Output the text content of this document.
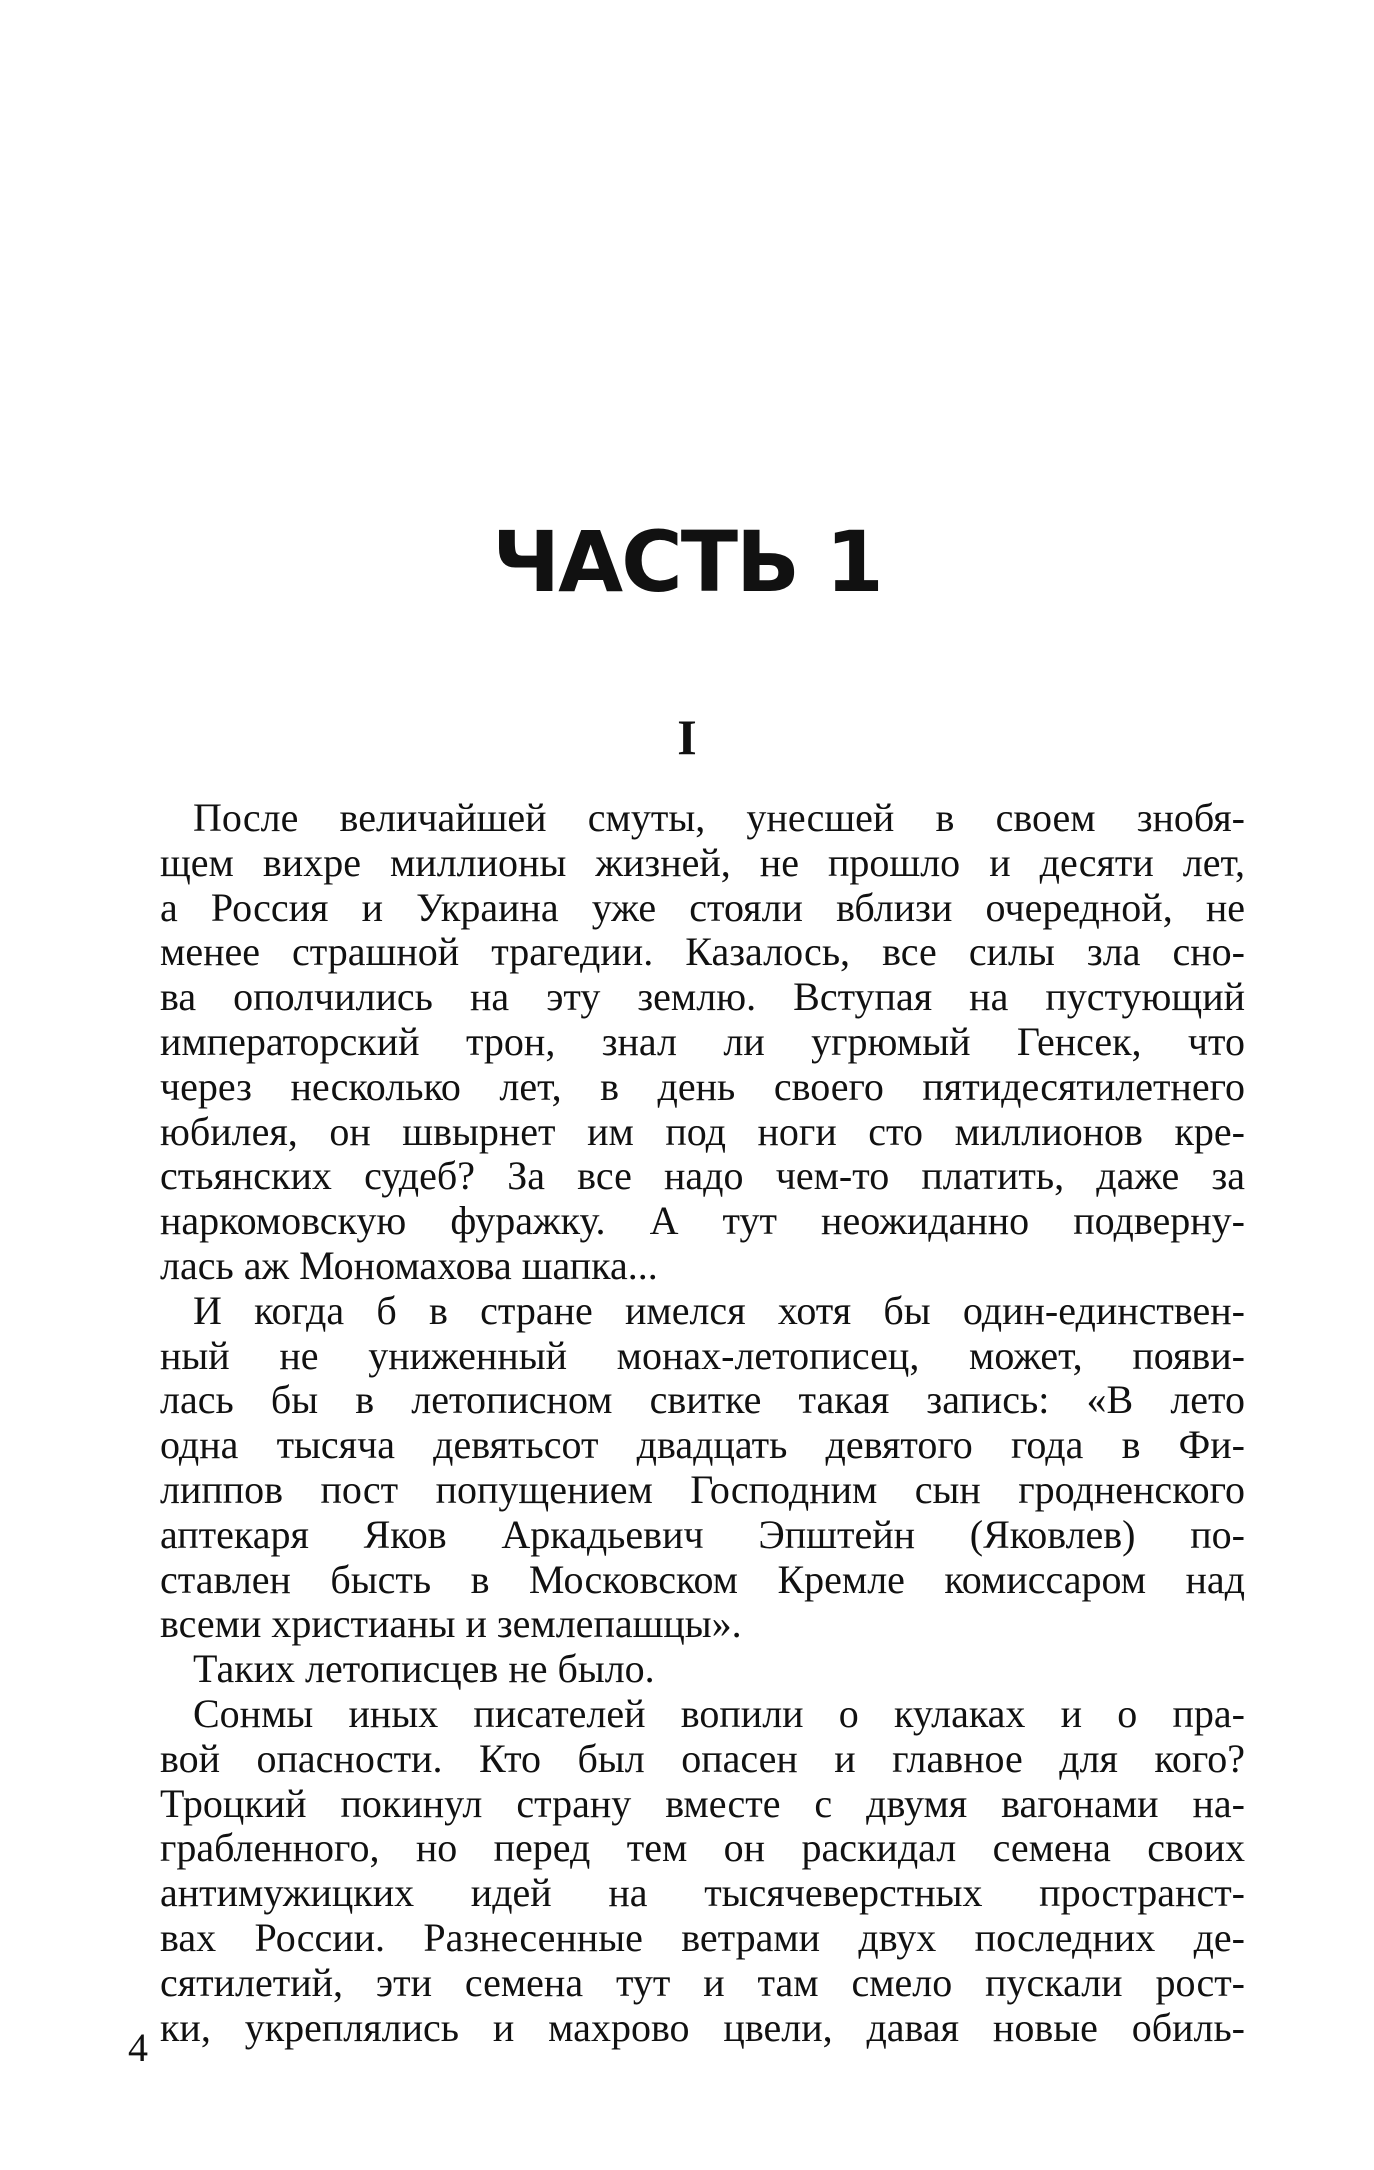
ЧАСТЬ 1
I
После величайшей смуты, унесшей в своем знобя-
щем вихре миллионы жизней, не прошло и десяти лет,
а Россия и Украина уже стояли вблизи очередной, не
менее страшной трагедии. Казалось, все силы зла сно-
ва ополчились на эту землю. Вступая на пустующий
императорский трон, знал ли угрюмый Генсек, что
через несколько лет, в день своего пятидесятилетнего
юбилея, он швырнет им под ноги сто миллионов кре-
стьянских судеб? За все надо чем-то платить, даже за
наркомовскую фуражку. А тут неожиданно подверну-
лась аж Мономахова шапка...
И когда б в стране имелся хотя бы один-единствен-
ный не униженный монах-летописец, может, появи-
лась бы в летописном свитке такая запись: «В лето
одна тысяча девятьсот двадцать девятого года в Фи-
липпов пост попущением Господним сын гродненского
аптекаря Яков Аркадьевич Эпштейн (Яковлев) по-
ставлен бысть в Московском Кремле комиссаром над
всеми христианы и землепашцы».
Таких летописцев не было.
Сонмы иных писателей вопили о кулаках и о пра-
вой опасности. Кто был опасен и главное для кого?
Троцкий покинул страну вместе с двумя вагонами на-
грабленного, но перед тем он раскидал семена своих
антимужицких идей на тысячеверстных пространст-
вах России. Разнесенные ветрами двух последних де-
сятилетий, эти семена тут и там смело пускали рост-
ки, укреплялись и махрово цвели, давая новые обиль-
4
